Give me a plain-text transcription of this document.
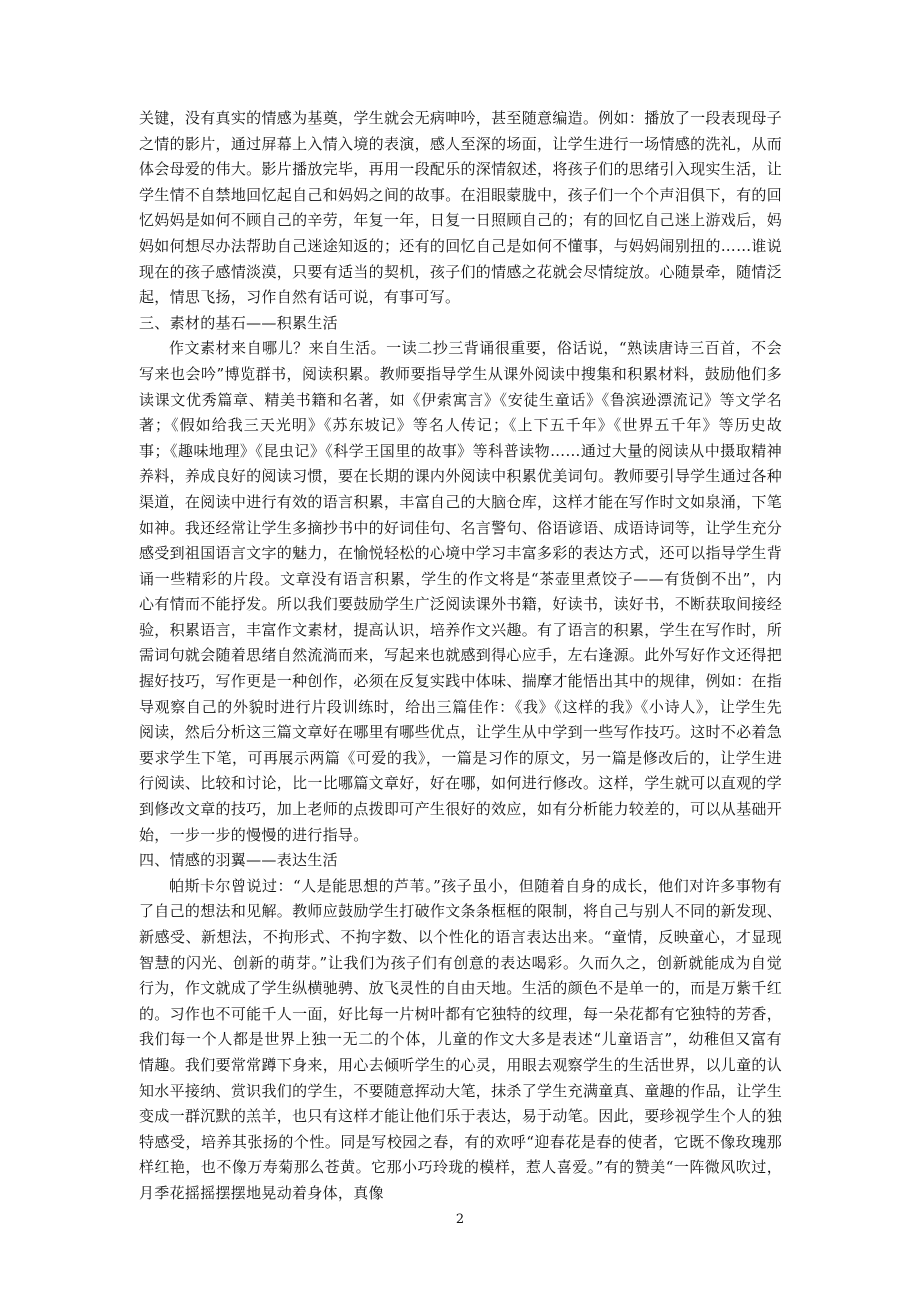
关键，没有真实的情感为基奠，学生就会无病呻吟，甚至随意编造。例如：播放了一段表现母子之情的影片，通过屏幕上入情入境的表演，感人至深的场面，让学生进行一场情感的洗礼，从而体会母爱的伟大。影片播放完毕，再用一段配乐的深情叙述，将孩子们的思绪引入现实生活，让学生情不自禁地回忆起自己和妈妈之间的故事。在泪眼蒙胧中，孩子们一个个声泪俱下，有的回忆妈妈是如何不顾自己的辛劳，年复一年，日复一日照顾自己的；有的回忆自己迷上游戏后，妈妈如何想尽办法帮助自己迷途知返的；还有的回忆自己是如何不懂事，与妈妈闹别扭的……谁说现在的孩子感情淡漠，只要有适当的契机，孩子们的情感之花就会尽情绽放。心随景牵，随情泛起，情思飞扬，习作自然有话可说，有事可写。

三、素材的基石——积累生活

作文素材来自哪儿？来自生活。一读二抄三背诵很重要，俗话说，“熟读唐诗三百首，不会写来也会吟”博览群书，阅读积累。教师要指导学生从课外阅读中搜集和积累材料，鼓励他们多读课文优秀篇章、精美书籍和名著，如《伊索寓言》《安徒生童话》《鲁滨逊漂流记》等文学名著；《假如给我三天光明》《苏东坡记》等名人传记；《上下五千年》《世界五千年》等历史故事；《趣味地理》《昆虫记》《科学王国里的故事》等科普读物……通过大量的阅读从中摄取精神养料，养成良好的阅读习惯，要在长期的课内外阅读中积累优美词句。教师要引导学生通过各种渠道，在阅读中进行有效的语言积累，丰富自己的大脑仓库，这样才能在写作时文如泉涌，下笔如神。我还经常让学生多摘抄书中的好词佳句、名言警句、俗语谚语、成语诗词等，让学生充分感受到祖国语言文字的魅力，在愉悦轻松的心境中学习丰富多彩的表达方式，还可以指导学生背诵一些精彩的片段。文章没有语言积累，学生的作文将是“茶壶里煮饺子——有货倒不出”，内心有情而不能抒发。所以我们要鼓励学生广泛阅读课外书籍，好读书，读好书，不断获取间接经验，积累语言，丰富作文素材，提高认识，培养作文兴趣。有了语言的积累，学生在写作时，所需词句就会随着思绪自然流淌而来，写起来也就感到得心应手，左右逢源。此外写好作文还得把握好技巧，写作更是一种创作，必须在反复实践中体味、揣摩才能悟出其中的规律，例如：在指导观察自己的外貌时进行片段训练时，给出三篇佳作：《我》《这样的我》《小诗人》，让学生先阅读，然后分析这三篇文章好在哪里有哪些优点，让学生从中学到一些写作技巧。这时不必着急要求学生下笔，可再展示两篇《可爱的我》，一篇是习作的原文，另一篇是修改后的，让学生进行阅读、比较和讨论，比一比哪篇文章好，好在哪，如何进行修改。这样，学生就可以直观的学到修改文章的技巧，加上老师的点拨即可产生很好的效应，如有分析能力较差的，可以从基础开始，一步一步的慢慢的进行指导。

四、情感的羽翼——表达生活

帕斯卡尔曾说过：“人是能思想的芦苇。”孩子虽小，但随着自身的成长，他们对许多事物有了自己的想法和见解。教师应鼓励学生打破作文条条框框的限制，将自己与别人不同的新发现、新感受、新想法，不拘形式、不拘字数、以个性化的语言表达出来。“童情，反映童心，才显现智慧的闪光、创新的萌芽。”让我们为孩子们有创意的表达喝彩。久而久之，创新就能成为自觉行为，作文就成了学生纵横驰骋、放飞灵性的自由天地。生活的颜色不是单一的，而是万紫千红的。习作也不可能千人一面，好比每一片树叶都有它独特的纹理，每一朵花都有它独特的芳香，我们每一个人都是世界上独一无二的个体，儿童的作文大多是表述“儿童语言”，幼稚但又富有情趣。我们要常常蹲下身来，用心去倾听学生的心灵，用眼去观察学生的生活世界，以儿童的认知水平接纳、赏识我们的学生，不要随意挥动大笔，抹杀了学生充满童真、童趣的作品，让学生变成一群沉默的羔羊，也只有这样才能让他们乐于表达，易于动笔。因此，要珍视学生个人的独特感受，培养其张扬的个性。同是写校园之春，有的欢呼“迎春花是春的使者，它既不像玫瑰那样红艳，也不像万寿菊那么苍黄。它那小巧玲珑的模样，惹人喜爱。”有的赞美“一阵微风吹过，月季花摇摇摆摆地晃动着身体，真像

2
